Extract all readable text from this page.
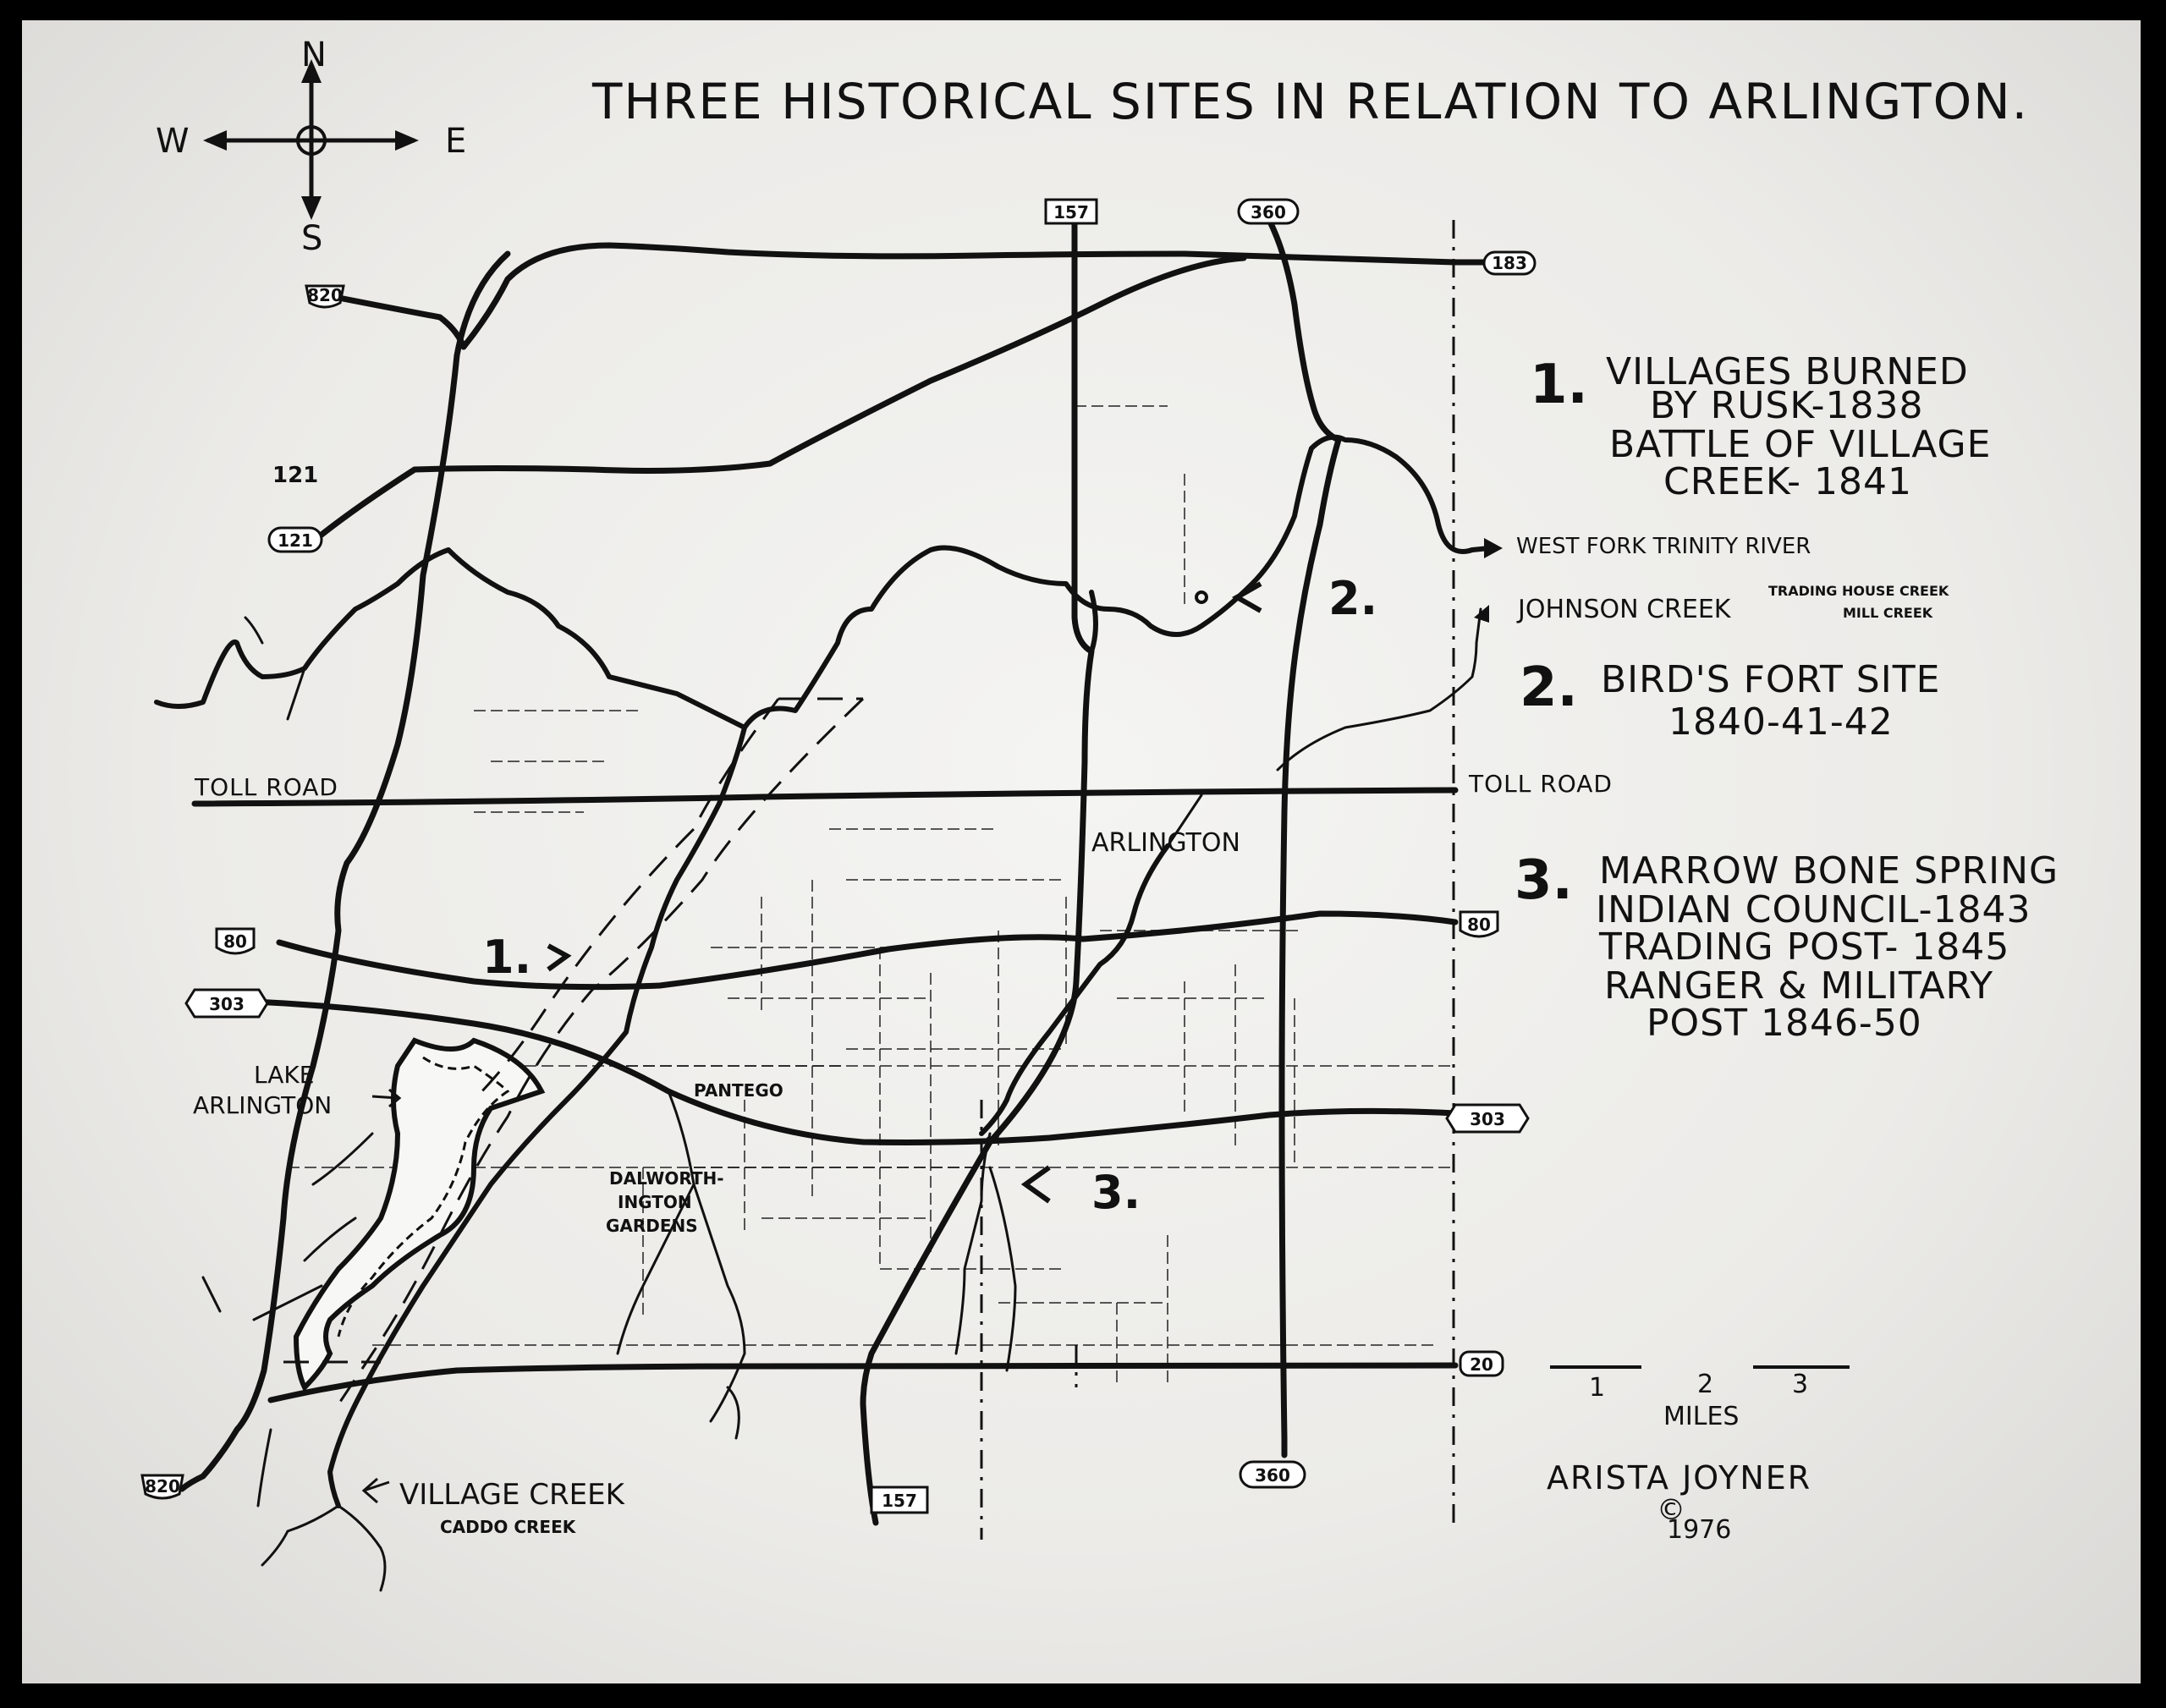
THREE HISTORICAL SITES IN RELATION TO ARLINGTON.
N
S
E
W
1.
2.
3.
157	360
183
820
121
121
80
80
303
303
20
820
360
157
TOLL ROAD	TOLL ROAD
ARLINGTON
LAKE
ARLINGTON
PANTEGO
DALWORTH-
INGTON
GARDENS
WEST FORK TRINITY RIVER
JOHNSON CREEK
TRADING HOUSE CREEK
MILL CREEK
VILLAGE CREEK
CADDO CREEK
1. VILLAGES BURNED
BY RUSK-1838
BATTLE OF VILLAGE
CREEK- 1841
2. BIRD'S FORT SITE
1840-41-42
3. MARROW BONE SPRING
INDIAN COUNCIL-1843
TRADING POST- 1845
RANGER & MILITARY
POST 1846-50
1	2	3
MILES
ARISTA JOYNER
©
1976
